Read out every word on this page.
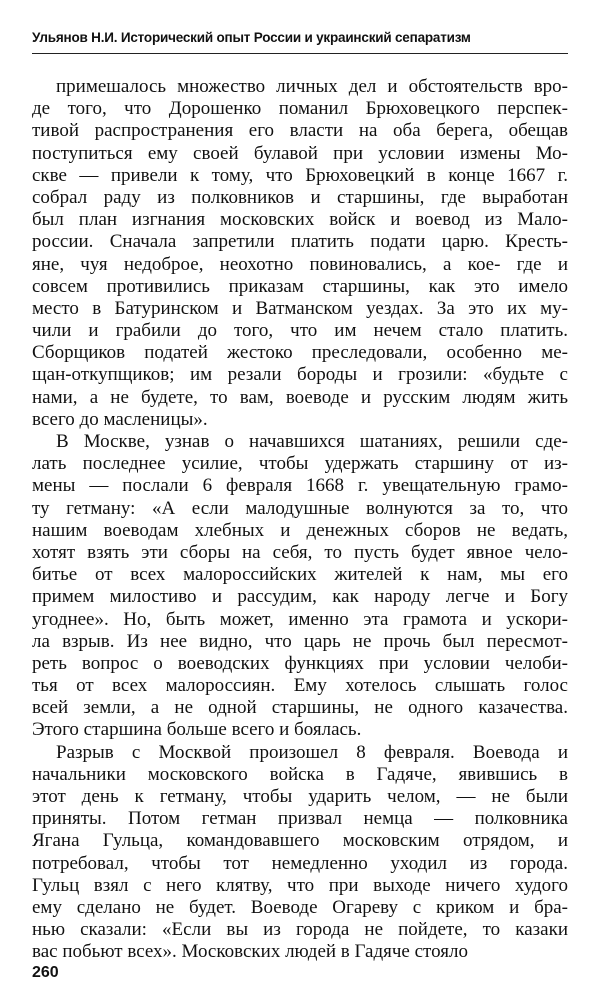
Ульянов Н.И. Исторический опыт России и украинский сепаратизм

примешалось множество личных дел и обстоятельств вро-
де того, что Дорошенко поманил Брюховецкого перспек-
тивой распространения его власти на оба берега, обещав
поступиться ему своей булавой при условии измены Мо-
скве — привели к тому, что Брюховецкий в конце 1667 г.
собрал раду из полковников и старшины, где выработан
был план изгнания московских войск и воевод из Мало-
россии. Сначала запретили платить подати царю. Кресть-
яне, чуя недоброе, неохотно повиновались, а кое- где и
совсем противились приказам старшины, как это имело
место в Батуринском и Ватманском уездах. За это их му-
чили и грабили до того, что им нечем стало платить.
Сборщиков податей жестоко преследовали, особенно ме-
щан-откупщиков; им резали бороды и грозили: «будьте с
нами, а не будете, то вам, воеводе и русским людям жить
всего до масленицы».

В Москве, узнав о начавшихся шатаниях, решили сде-
лать последнее усилие, чтобы удержать старшину от из-
мены — послали 6 февраля 1668 г. увещательную грамо-
ту гетману: «А если малодушные волнуются за то, что
нашим воеводам хлебных и денежных сборов не ведать,
хотят взять эти сборы на себя, то пусть будет явное чело-
битье от всех малороссийских жителей к нам, мы его
примем милостиво и рассудим, как народу легче и Богу
угоднее». Но, быть может, именно эта грамота и ускори-
ла взрыв. Из нее видно, что царь не прочь был пересмот-
реть вопрос о воеводских функциях при условии челоби-
тья от всех малороссиян. Ему хотелось слышать голос
всей земли, а не одной старшины, не одного казачества.
Этого старшина больше всего и боялась.

Разрыв с Москвой произошел 8 февраля. Воевода и
начальники московского войска в Гадяче, явившись в
этот день к гетману, чтобы ударить челом, — не были
приняты. Потом гетман призвал немца — полковника
Ягана Гульца, командовавшего московским отрядом, и
потребовал, чтобы тот немедленно уходил из города.
Гульц взял с него клятву, что при выходе ничего худого
ему сделано не будет. Воеводе Огареву с криком и бра-
нью сказали: «Если вы из города не пойдете, то казаки
вас побьют всех». Московских людей в Гадяче стояло

260
